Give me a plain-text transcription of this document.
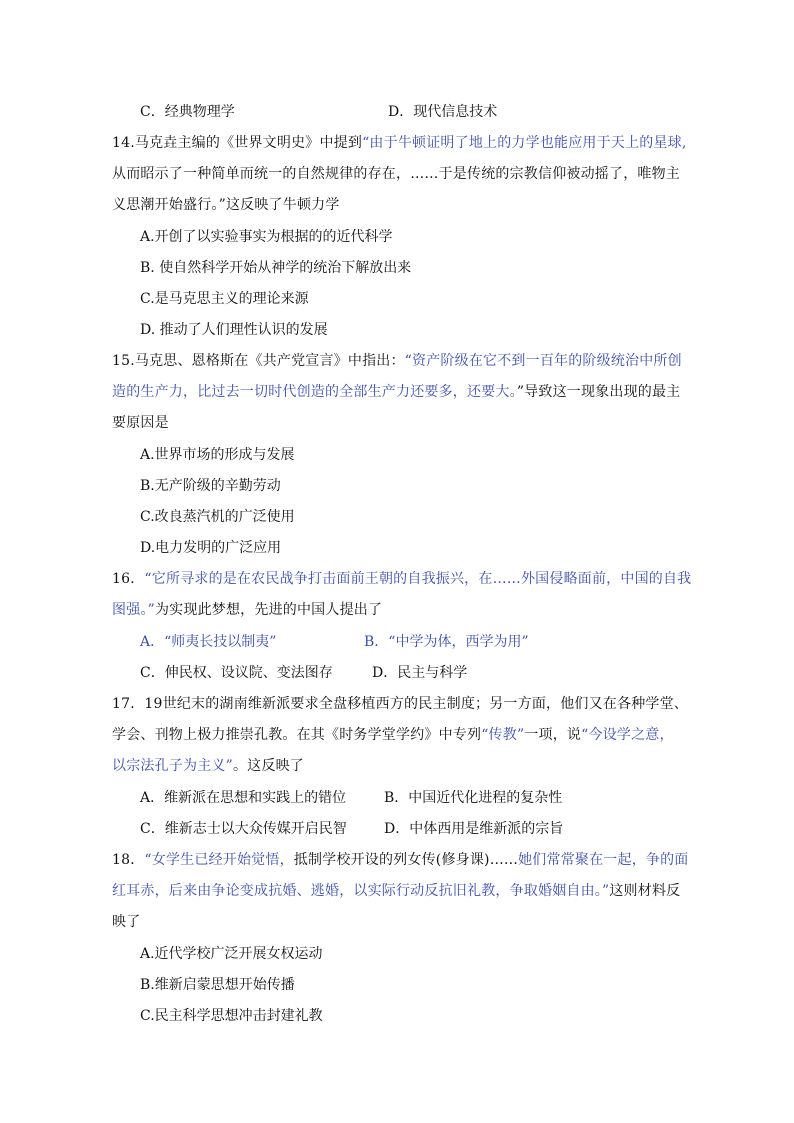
C．经典物理学	D．现代信息技术
14.马克垚主编的《世界文明史》中提到“由于牛顿证明了地上的力学也能应用于天上的星球,
从而昭示了一种简单而统一的自然规律的存在，……于是传统的宗教信仰被动摇了，唯物主
义思潮开始盛行。”这反映了牛顿力学
A.开创了以实验事实为根据的的近代科学
B. 使自然科学开始从神学的统治下解放出来
C.是马克思主义的理论来源
D. 推动了人们理性认识的发展
15.马克思、恩格斯在《共产党宣言》中指出：“资产阶级在它不到一百年的阶级统治中所创
造的生产力，比过去一切时代创造的全部生产力还要多，还要大。”导致这一现象出现的最主
要原因是
A.世界市场的形成与发展
B.无产阶级的辛勤劳动
C.改良蒸汽机的广泛使用
D.电力发明的广泛应用
16．“它所寻求的是在农民战争打击面前王朝的自我振兴，在……外国侵略面前，中国的自我
图强。”为实现此梦想，先进的中国人提出了
A．“师夷长技以制夷”	B．“中学为体，西学为用”
C．伸民权、设议院、变法图存	D．民主与科学
17．19世纪末的湖南维新派要求全盘移植西方的民主制度；另一方面，他们又在各种学堂、
学会、刊物上极力推崇孔教。在其《时务学堂学约》中专列“传教”一项，说“今设学之意，
以宗法孔子为主义”。这反映了
A．维新派在思想和实践上的错位	B．中国近代化进程的复杂性
C．维新志士以大众传媒开启民智	D．中体西用是维新派的宗旨
18．“女学生已经开始觉悟，抵制学校开设的列女传(修身课)……她们常常聚在一起，争的面
红耳赤，后来由争论变成抗婚、逃婚，以实际行动反抗旧礼教，争取婚姻自由。”这则材料反
映了
A.近代学校广泛开展女权运动
B.维新启蒙思想开始传播
C.民主科学思想冲击封建礼教
